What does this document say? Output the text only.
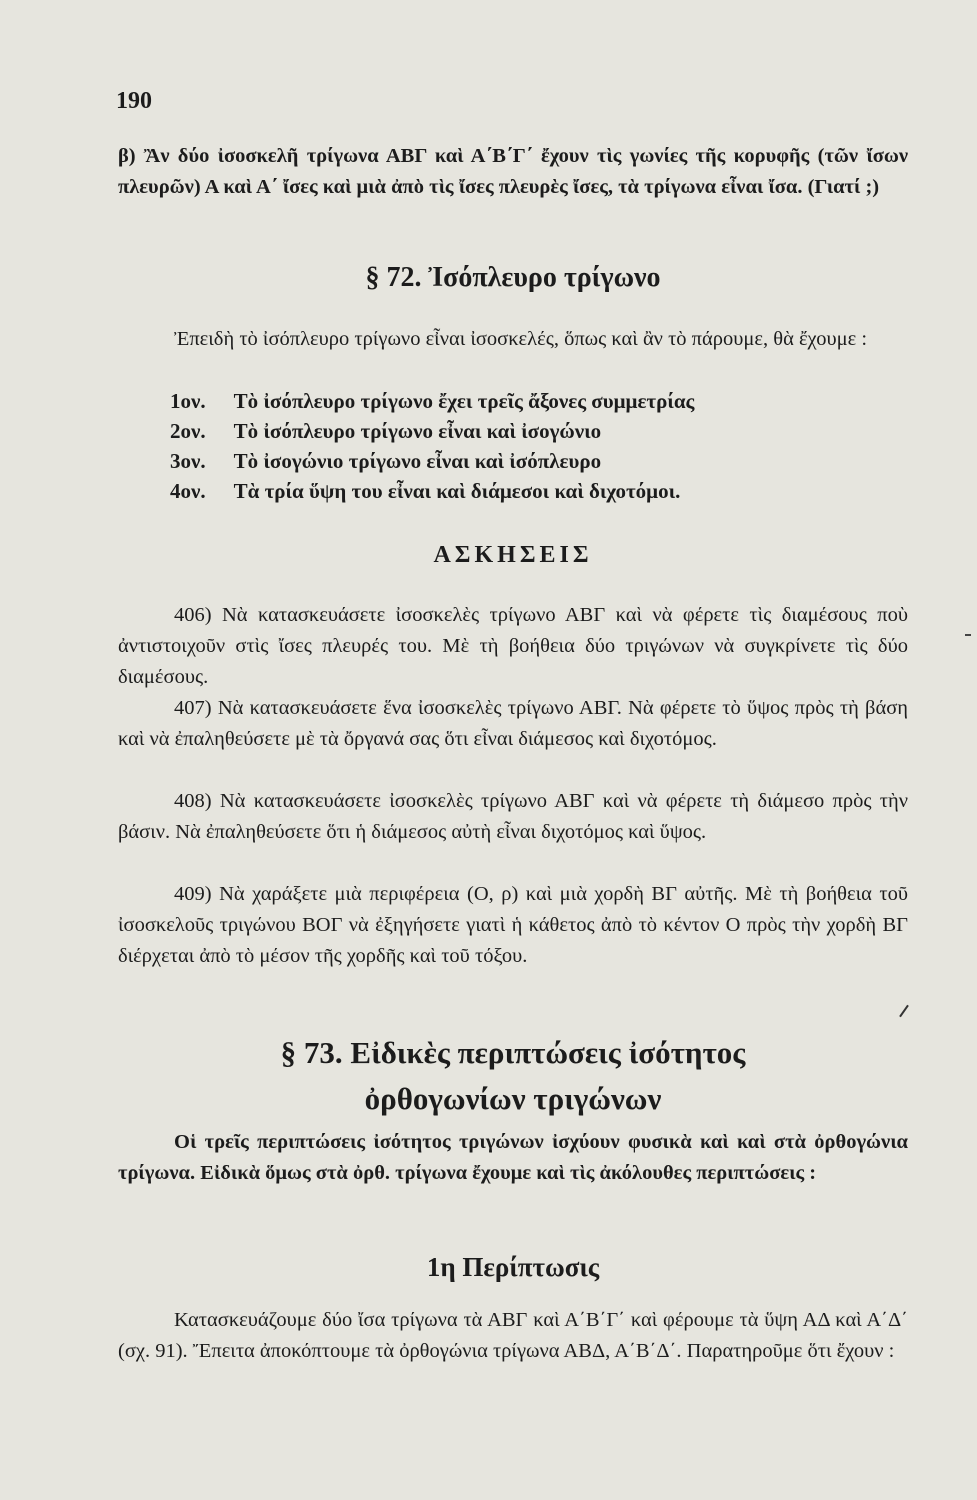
190
β) Ἂν δύο ἰσοσκελῆ τρίγωνα ΑΒΓ καὶ Α΄Β΄Γ΄ ἔχουν τὶς γωνίες τῆς κορυφῆς (τῶν ἴσων πλευρῶν) Α καὶ Α΄ ἴσες καὶ μιὰ ἀπὸ τὶς ἴσες πλευρὲς ἴσες, τὰ τρίγωνα εἶναι ἴσα. (Γιατί ;)
§ 72. Ἰσόπλευρο τρίγωνο
Ἐπειδὴ τὸ ἰσόπλευρο τρίγωνο εἶναι ἰσοσκελές, ὅπως καὶ ἂν τὸ πάρουμε, θὰ ἔχουμε :
1ον. Τὸ ἰσόπλευρο τρίγωνο ἔχει τρεῖς ἄξονες συμμετρίας
2ον. Τὸ ἰσόπλευρο τρίγωνο εἶναι καὶ ἰσογώνιο
3ον. Τὸ ἰσογώνιο τρίγωνο εἶναι καὶ ἰσόπλευρο
4ον. Τὰ τρία ὕψη του εἶναι καὶ διάμεσοι καὶ διχοτόμοι.
ΑΣΚΗΣΕΙΣ
406) Νὰ κατασκευάσετε ἰσοσκελὲς τρίγωνο ΑΒΓ καὶ νὰ φέρετε τὶς διαμέσους ποὺ ἀντιστοιχοῦν στὶς ἴσες πλευρές του. Μὲ τὴ βοήθεια δύο τριγώνων νὰ συγκρίνετε τὶς δύο διαμέσους.
407) Νὰ κατασκευάσετε ἕνα ἰσοσκελὲς τρίγωνο ΑΒΓ. Νὰ φέρετε τὸ ὕψος πρὸς τὴ βάση καὶ νὰ ἐπαληθεύσετε μὲ τὰ ὄργανά σας ὅτι εἶναι διάμεσος καὶ διχοτόμος.
408) Νὰ κατασκευάσετε ἰσοσκελὲς τρίγωνο ΑΒΓ καὶ νὰ φέρετε τὴ διάμεσο πρὸς τὴν βάσιν. Νὰ ἐπαληθεύσετε ὅτι ἡ διάμεσος αὐτὴ εἶναι διχοτόμος καὶ ὕψος.
409) Νὰ χαράξετε μιὰ περιφέρεια (Ο, ρ) καὶ μιὰ χορδὴ ΒΓ αὐτῆς. Μὲ τὴ βοήθεια τοῦ ἰσοσκελοῦς τριγώνου ΒΟΓ νὰ ἐξηγήσετε γιατὶ ἡ κάθετος ἀπὸ τὸ κέντον Ο πρὸς τὴν χορδὴ ΒΓ διέρχεται ἀπὸ τὸ μέσον τῆς χορδῆς καὶ τοῦ τόξου.
§ 73. Εἰδικὲς περιπτώσεις ἰσότητος
ὀρθογωνίων τριγώνων
Οἱ τρεῖς περιπτώσεις ἰσότητος τριγώνων ἰσχύουν φυσικὰ καὶ καὶ στὰ ὀρθογώνια τρίγωνα. Εἰδικὰ ὅμως στὰ ὀρθ. τρίγωνα ἔχουμε καὶ τὶς ἀκόλουθες περιπτώσεις :
1η Περίπτωσις
Κατασκευάζουμε δύο ἴσα τρίγωνα τὰ ΑΒΓ καὶ Α΄Β΄Γ΄ καὶ φέρουμε τὰ ὕψη ΑΔ καὶ Α΄Δ΄ (σχ. 91). Ἔπειτα ἀποκόπτουμε τὰ ὀρθογώνια τρίγωνα ΑΒΔ, Α΄Β΄Δ΄. Παρατηροῦμε ὅτι ἔχουν :
